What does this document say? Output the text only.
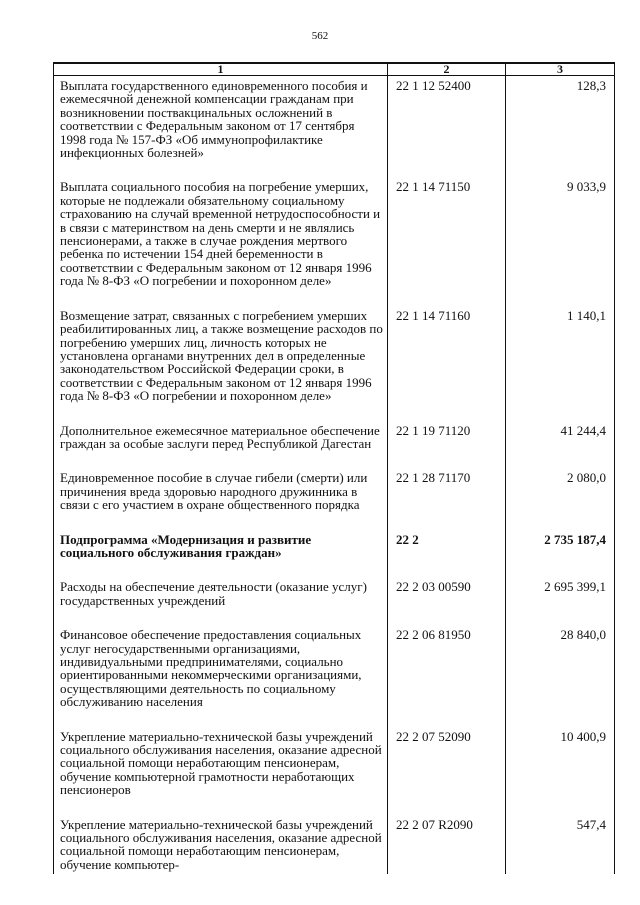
562
1	2	3
Выплата государственного единовременного пособия и ежемесячной денежной компенсации гражданам при возникновении поствакцинальных осложнений в соответствии с Федеральным законом от 17 сентября 1998 года № 157-ФЗ «Об иммунопрофилактике инфекционных болезней»	22 1 12 52400	128,3
Выплата социального пособия на погребение умерших, которые не подлежали обязательному социальному страхованию на случай временной нетрудоспособности и в связи с материнством на день смерти и не являлись пенсионерами, а также в случае рождения мертвого ребенка по истечении 154 дней беременности в соответствии с Федеральным законом от 12 января 1996 года № 8-ФЗ «О погребении и похоронном деле»	22 1 14 71150	9 033,9
Возмещение затрат, связанных с погребением умерших реабилитированных лиц, а также возмещение расходов по погребению умерших лиц, личность которых не установлена органами внутренних дел в определенные законодательством Российской Федерации сроки, в соответствии с Федеральным законом от 12 января 1996 года № 8-ФЗ «О погребении и похоронном деле»	22 1 14 71160	1 140,1
Дополнительное ежемесячное материальное обеспечение граждан за особые заслуги перед Республикой Дагестан	22 1 19 71120	41 244,4
Единовременное пособие в случае гибели (смерти) или причинения вреда здоровью народного дружинника в связи с его участием в охране общественного порядка	22 1 28 71170	2 080,0
Подпрограмма «Модернизация и развитие социального обслуживания граждан»	22 2	2 735 187,4
Расходы на обеспечение деятельности (оказание услуг) государственных учреждений	22 2 03 00590	2 695 399,1
Финансовое обеспечение предоставления социальных услуг негосударственными организациями, индивидуальными предпринимателями, социально ориентированными некоммерческими организациями, осуществляющими деятельность по социальному обслуживанию населения	22 2 06 81950	28 840,0
Укрепление материально-технической базы учреждений социального обслуживания населения, оказание адресной социальной помощи неработающим пенсионерам, обучение компьютерной грамотности неработающих пенсионеров	22 2 07 52090	10 400,9
Укрепление материально-технической базы учреждений социального обслуживания населения, оказание адресной социальной помощи неработающим пенсионерам, обучение компьютер-	22 2 07 R2090	547,4
